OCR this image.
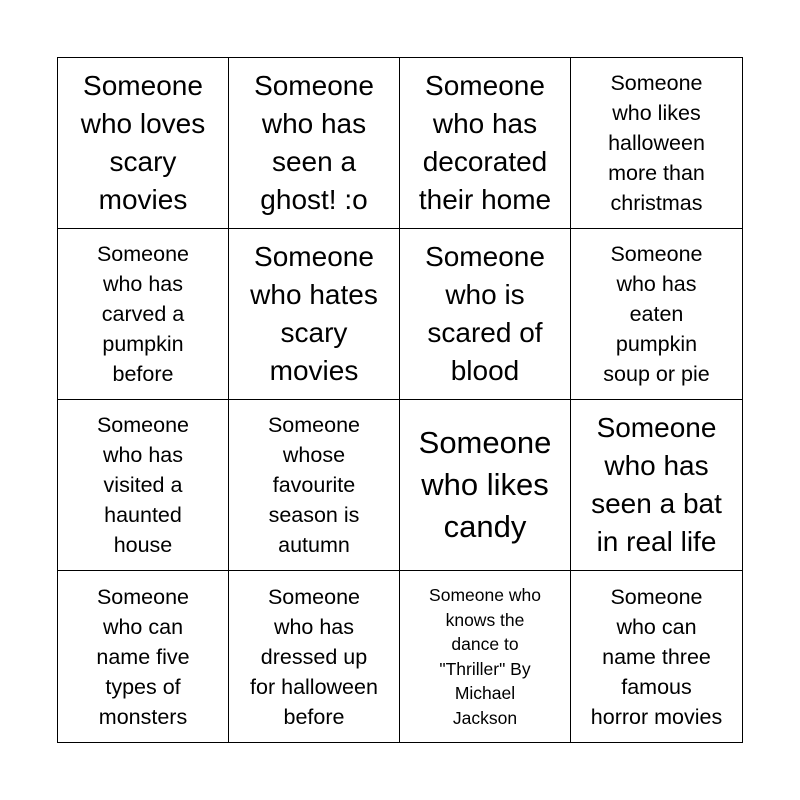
Someone
who loves
scary
movies
Someone
who has
seen a
ghost! :o
Someone
who has
decorated
their home
Someone
who likes
halloween
more than
christmas
Someone
who has
carved a
pumpkin
before
Someone
who hates
scary
movies
Someone
who is
scared of
blood
Someone
who has
eaten
pumpkin
soup or pie
Someone
who has
visited a
haunted
house
Someone
whose
favourite
season is
autumn
Someone
who likes
candy
Someone
who has
seen a bat
in real life
Someone
who can
name five
types of
monsters
Someone
who has
dressed up
for halloween
before
Someone who
knows the
dance to
"Thriller" By
Michael
Jackson
Someone
who can
name three
famous
horror movies
